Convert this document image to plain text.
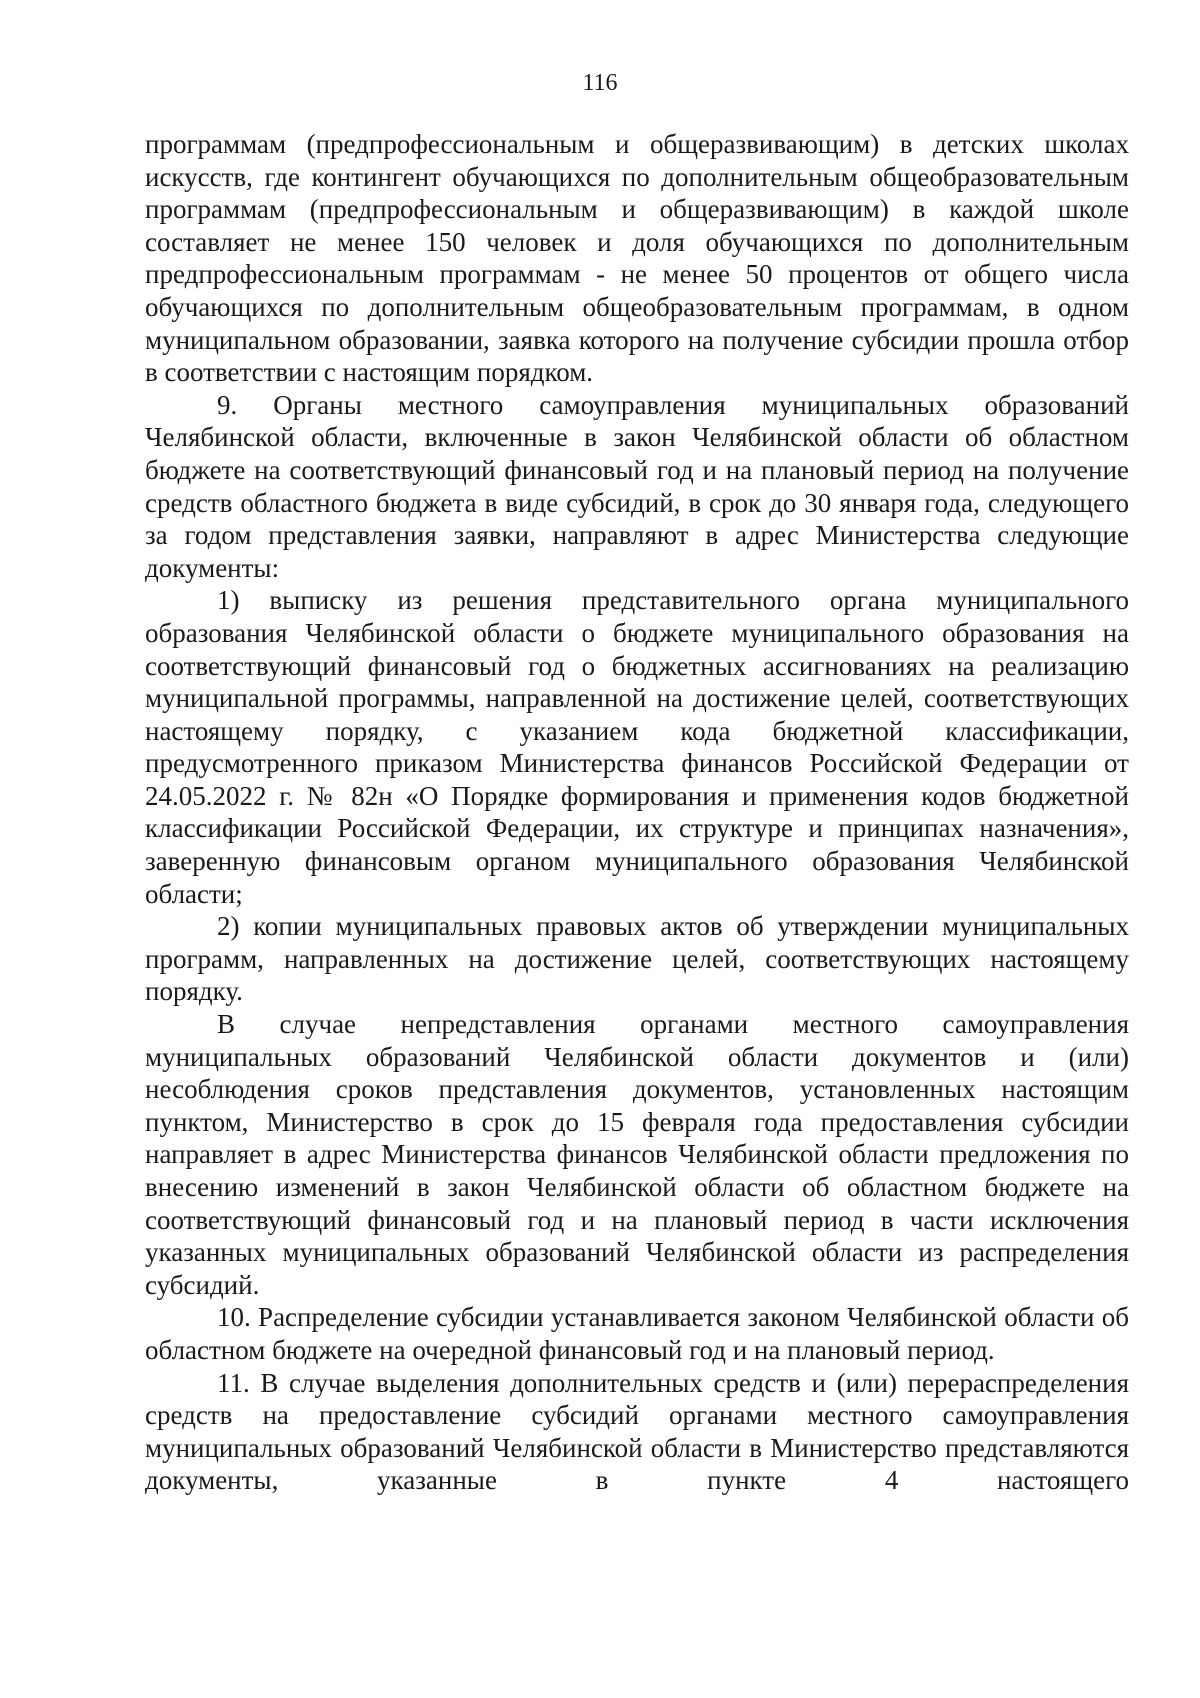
116

программам (предпрофессиональным и общеразвивающим) в детских школах искусств, где контингент обучающихся по дополнительным общеобразовательным программам (предпрофессиональным и общеразвивающим) в каждой школе составляет не менее 150 человек и доля обучающихся по дополнительным предпрофессиональным программам - не менее 50 процентов от общего числа обучающихся по дополнительным общеобразовательным программам, в одном муниципальном образовании, заявка которого на получение субсидии прошла отбор в соответствии с настоящим порядком.

9. Органы местного самоуправления муниципальных образований Челябинской области, включенные в закон Челябинской области об областном бюджете на соответствующий финансовый год и на плановый период на получение средств областного бюджета в виде субсидий, в срок до 30 января года, следующего за годом представления заявки, направляют в адрес Министерства следующие документы:

1) выписку из решения представительного органа муниципального образования Челябинской области о бюджете муниципального образования на соответствующий финансовый год о бюджетных ассигнованиях на реализацию муниципальной программы, направленной на достижение целей, соответствующих настоящему порядку, с указанием кода бюджетной классификации, предусмотренного приказом Министерства финансов Российской Федерации от 24.05.2022 г. № 82н «О Порядке формирования и применения кодов бюджетной классификации Российской Федерации, их структуре и принципах назначения», заверенную финансовым органом муниципального образования Челябинской области;

2) копии муниципальных правовых актов об утверждении муниципальных программ, направленных на достижение целей, соответствующих настоящему порядку.

В случае непредставления органами местного самоуправления муниципальных образований Челябинской области документов и (или) несоблюдения сроков представления документов, установленных настоящим пунктом, Министерство в срок до 15 февраля года предоставления субсидии направляет в адрес Министерства финансов Челябинской области предложения по внесению изменений в закон Челябинской области об областном бюджете на соответствующий финансовый год и на плановый период в части исключения указанных муниципальных образований Челябинской области из распределения субсидий.

10. Распределение субсидии устанавливается законом Челябинской области об областном бюджете на очередной финансовый год и на плановый период.

11. В случае выделения дополнительных средств и (или) перераспределения средств на предоставление субсидий органами местного самоуправления муниципальных образований Челябинской области в Министерство представляются документы, указанные в пункте 4 настоящего
